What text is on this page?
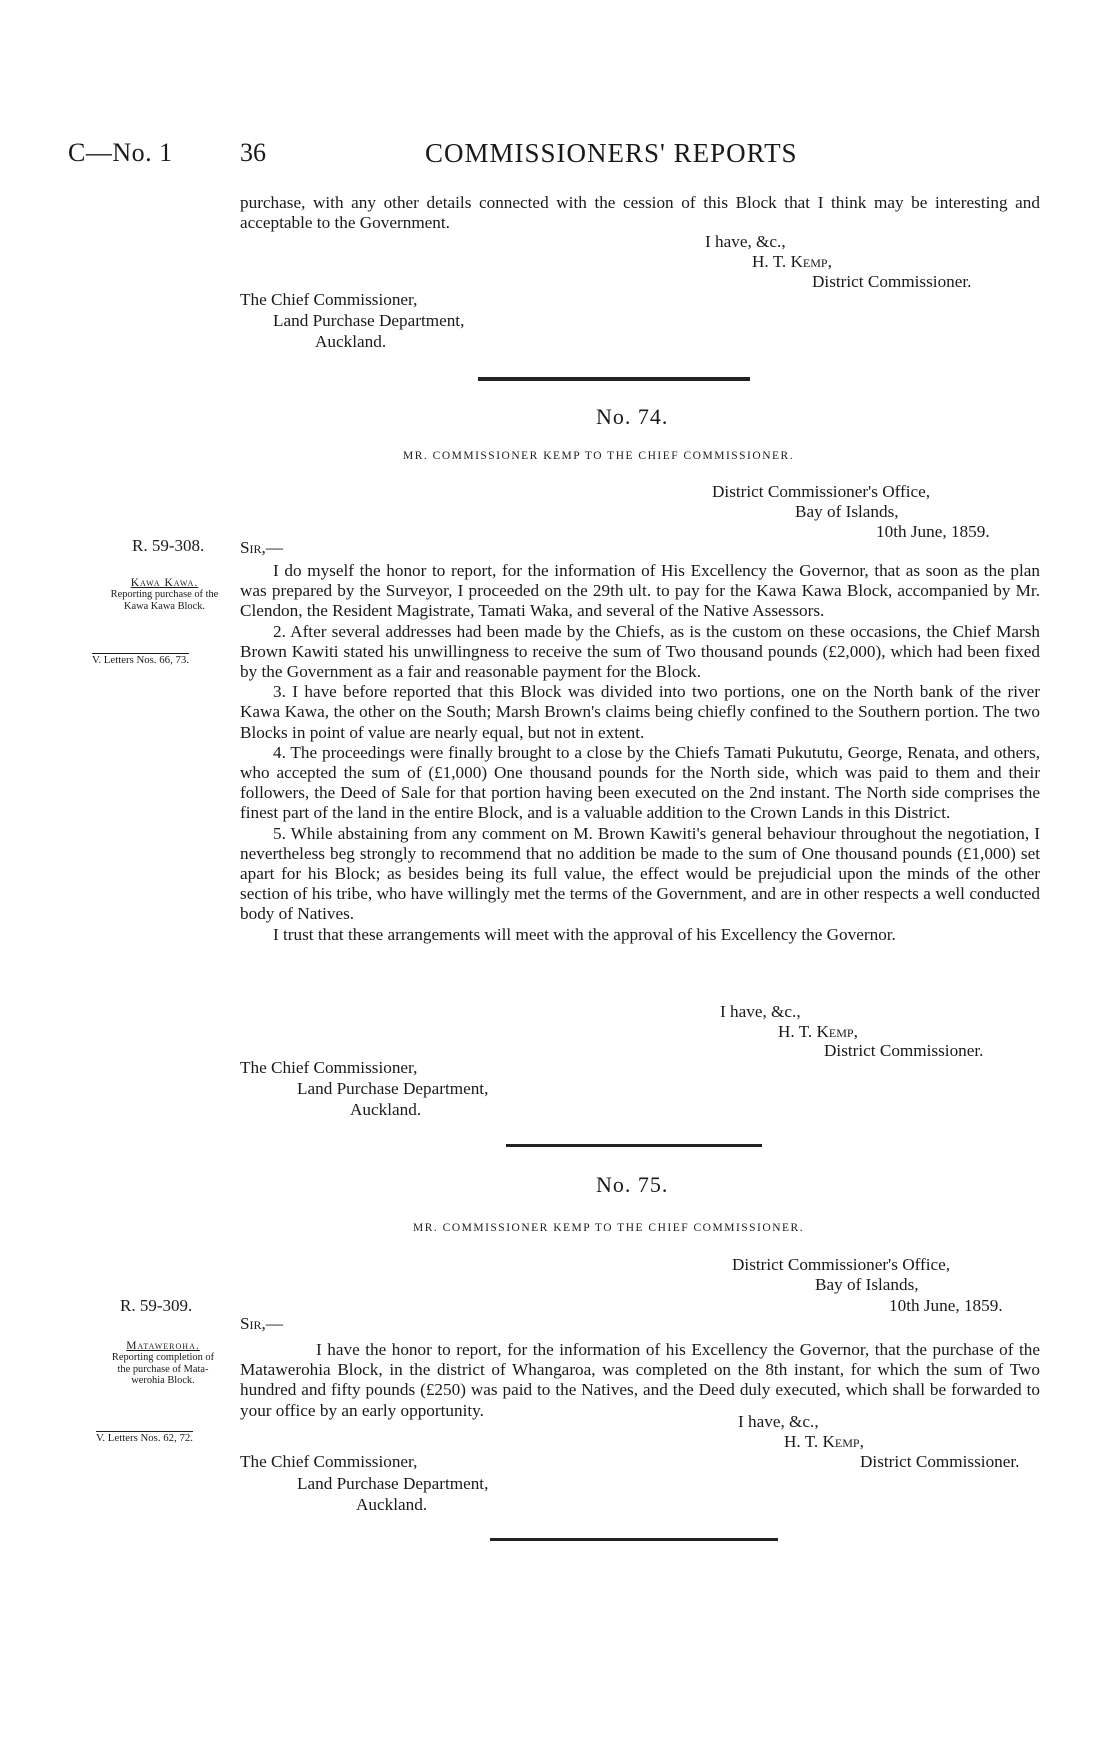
C—No. 1	36	COMMISSIONERS' REPORTS

purchase, with any other details connected with the cession of this Block that I think may be interesting and acceptable to the Government.

I have, &c.,
H. T. Kemp,
District Commissioner.
The Chief Commissioner,
Land Purchase Department,
Auckland.
No. 74.
MR. COMMISSIONER KEMP TO THE CHIEF COMMISSIONER.
District Commissioner's Office,
Bay of Islands,
10th June, 1859.
R. 59-308. Sir,—
Kawa Kawa.
Reporting purchase of the
Kawa Kawa Block.
V. Letters Nos. 66, 73.

I do myself the honor to report, for the information of His Excellency the Governor, that as soon as the plan was prepared by the Surveyor, I proceeded on the 29th ult. to pay for the Kawa Kawa Block, accompanied by Mr. Clendon, the Resident Magistrate, Tamati Waka, and several of the Native Assessors.

2. After several addresses had been made by the Chiefs, as is the custom on these occasions, the Chief Marsh Brown Kawiti stated his unwillingness to receive the sum of Two thousand pounds (£2,000), which had been fixed by the Government as a fair and reasonable payment for the Block.

3. I have before reported that this Block was divided into two portions, one on the North bank of the river Kawa Kawa, the other on the South; Marsh Brown's claims being chiefly confined to the Southern portion. The two Blocks in point of value are nearly equal, but not in extent.

4. The proceedings were finally brought to a close by the Chiefs Tamati Pukututu, George, Renata, and others, who accepted the sum of (£1,000) One thousand pounds for the North side, which was paid to them and their followers, the Deed of Sale for that portion having been executed on the 2nd instant. The North side comprises the finest part of the land in the entire Block, and is a valuable addition to the Crown Lands in this District.

5. While abstaining from any comment on M. Brown Kawiti's general behaviour throughout the negotiation, I nevertheless beg strongly to recommend that no addition be made to the sum of One thousand pounds (£1,000) set apart for his Block; as besides being its full value, the effect would be prejudicial upon the minds of the other section of his tribe, who have willingly met the terms of the Government, and are in other respects a well conducted body of Natives.

I trust that these arrangements will meet with the approval of his Excellency the Governor.

I have, &c.,
H. T. Kemp,
District Commissioner.
The Chief Commissioner,
Land Purchase Department,
Auckland.
No. 75.
MR. COMMISSIONER KEMP TO THE CHIEF COMMISSIONER.
District Commissioner's Office,
Bay of Islands,
10th June, 1859.
R. 59-309.
Sir,—
Mataweroha.
Reporting completion of
the purchase of Mata-
werohia Block.
V. Letters Nos. 62, 72.

I have the honor to report, for the information of his Excellency the Governor, that the purchase of the Matawerohia Block, in the district of Whangaroa, was completed on the 8th instant, for which the sum of Two hundred and fifty pounds (£250) was paid to the Natives, and the Deed duly executed, which shall be forwarded to your office by an early opportunity.

I have, &c.,
H. T. Kemp,
District Commissioner.
The Chief Commissioner,
Land Purchase Department,
Auckland.
